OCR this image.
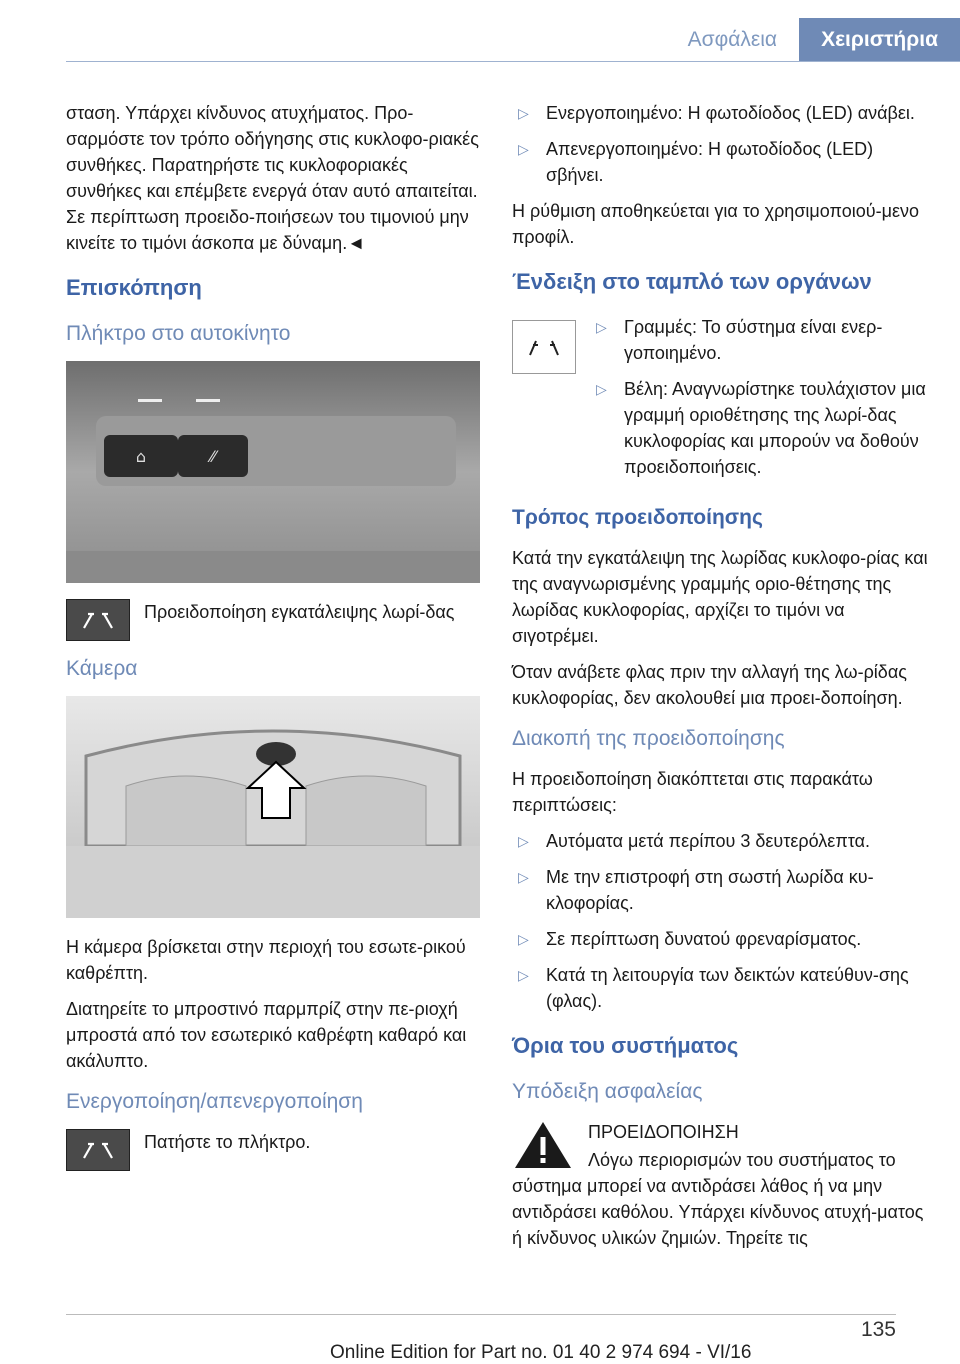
Ασφάλεια Χειριστήρια

σταση. Υπάρχει κίνδυνος ατυχήματος. Προ-σαρμόστε τον τρόπο οδήγησης στις κυκλοφο-ριακές συνθήκες. Παρατηρήστε τις κυκλοφοριακές συνθήκες και επέμβετε ενεργά όταν αυτό απαιτείται. Σε περίπτωση προειδο-ποιήσεων του τιμονιού μην κινείτε το τιμόνι άσκοπα με δύναμη.◄

Επισκόπηση
Πλήκτρο στο αυτοκίνητο
⌂	⁄⁄
Προειδοποίηση εγκατάλειψης λωρί-δας
Κάμερα

Η κάμερα βρίσκεται στην περιοχή του εσωτε-ρικού καθρέπτη.

Διατηρείτε το μπροστινό παρμπρίζ στην πε-ριοχή μπροστά από τον εσωτερικό καθρέφτη καθαρό και ακάλυπτο.

Ενεργοποίηση/απενεργοποίηση
Πατήστε το πλήκτρο.
▷ Ενεργοποιημένο: Η φωτοδίοδος (LED) ανάβει.
▷ Απενεργοποιημένο: Η φωτοδίοδος (LED) σβήνει.

Η ρύθμιση αποθηκεύεται για το χρησιμοποιού-μενο προφίλ.

Ένδειξη στο ταμπλό των οργάνων
▷ Γραμμές: Το σύστημα είναι ενερ-γοποιημένο.
▷ Βέλη: Αναγνωρίστηκε τουλάχιστον μια γραμμή οριοθέτησης της λωρί-δας κυκλοφορίας και μπορούν να δοθούν προειδοποιήσεις.
Τρόπος προειδοποίησης

Κατά την εγκατάλειψη της λωρίδας κυκλοφο-ρίας και της αναγνωρισμένης γραμμής οριο-θέτησης της λωρίδας κυκλοφορίας, αρχίζει το τιμόνι να σιγοτρέμει.

Όταν ανάβετε φλας πριν την αλλαγή της λω-ρίδας κυκλοφορίας, δεν ακολουθεί μια προει-δοποίηση.

Διακοπή της προειδοποίησης

Η προειδοποίηση διακόπτεται στις παρακάτω περιπτώσεις:

▷ Αυτόματα μετά περίπου 3 δευτερόλεπτα.
▷ Με την επιστροφή στη σωστή λωρίδα κυ-κλοφορίας.
▷ Σε περίπτωση δυνατού φρεναρίσματος.
▷ Κατά τη λειτουργία των δεικτών κατεύθυν-σης (φλας).
Όρια του συστήματος
Υπόδειξη ασφαλείας
ΠΡΟΕΙΔΟΠΟΙΗΣΗ

Λόγω περιορισμών του συστήματος το σύστημα μπορεί να αντιδράσει λάθος ή να μην αντιδράσει καθόλου. Υπάρχει κίνδυνος ατυχή-ματος ή κίνδυνος υλικών ζημιών. Τηρείτε τις

135
Online Edition for Part no. 01 40 2 974 694 - VI/16
